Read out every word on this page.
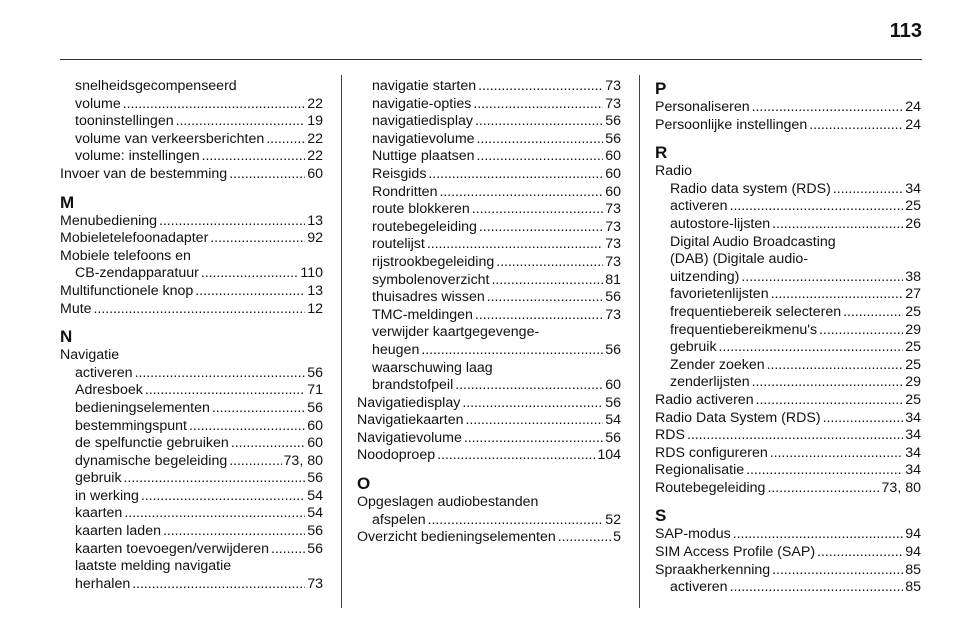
113
snelheidsgecompenseerd
volume . . .	22
tooninstellingen . . .	19
volume van verkeersberichten . . .	22
volume: instellingen . . .	22
Invoer van de bestemming . . .	60
M
Menubediening . . .	13
Mobieletelefoonadapter . . .	92
Mobiele telefoons en
CB-zendapparatuur . . .	110
Multifunctionele knop . . .	13
Mute . . .	12
N
Navigatie
activeren . . .	56
Adresboek . . .	71
bedieningselementen . . .	56
bestemmingspunt . . .	60
de spelfunctie gebruiken . . .	60
dynamische begeleiding . . .	73, 80
gebruik . . .	56
in werking . . .	54
kaarten . . .	54
kaarten laden . . .	56
kaarten toevoegen/verwijderen . . .	56
laatste melding navigatie
herhalen . . .	73
navigatie starten . . .	73
navigatie-opties . . .	73
navigatiedisplay . . .	56
navigatievolume . . .	56
Nuttige plaatsen . . .	60
Reisgids . . .	60
Rondritten . . .	60
route blokkeren . . .	73
routebegeleiding . . .	73
routelijst . . .	73
rijstrookbegeleiding . . .	73
symbolenoverzicht . . .	81
thuisadres wissen . . .	56
TMC-meldingen . . .	73
verwijder kaartgegevenge-
heugen . . .	56
waarschuwing laag
brandstofpeil . . .	60
Navigatiedisplay . . .	56
Navigatiekaarten . . .	54
Navigatievolume . . .	56
Noodoproep . . .	104
O
Opgeslagen audiobestanden
afspelen . . .	52
Overzicht bedieningselementen . . .	5
P
Personaliseren . . .	24
Persoonlijke instellingen . . .	24
R
Radio
Radio data system (RDS) . . .	34
activeren . . .	25
autostore-lijsten . . .	26
Digital Audio Broadcasting
(DAB) (Digitale audio-
uitzending) . . .	38
favorietenlijsten . . .	27
frequentiebereik selecteren . . .	25
frequentiebereikmenu's . . .	29
gebruik . . .	25
Zender zoeken . . .	25
zenderlijsten . . .	29
Radio activeren . . .	25
Radio Data System (RDS) . . .	34
RDS . . .	34
RDS configureren . . .	34
Regionalisatie . . .	34
Routebegeleiding . . .	73, 80
S
SAP-modus . . .	94
SIM Access Profile (SAP) . . .	94
Spraakherkenning . . .	85
activeren . . .	85
